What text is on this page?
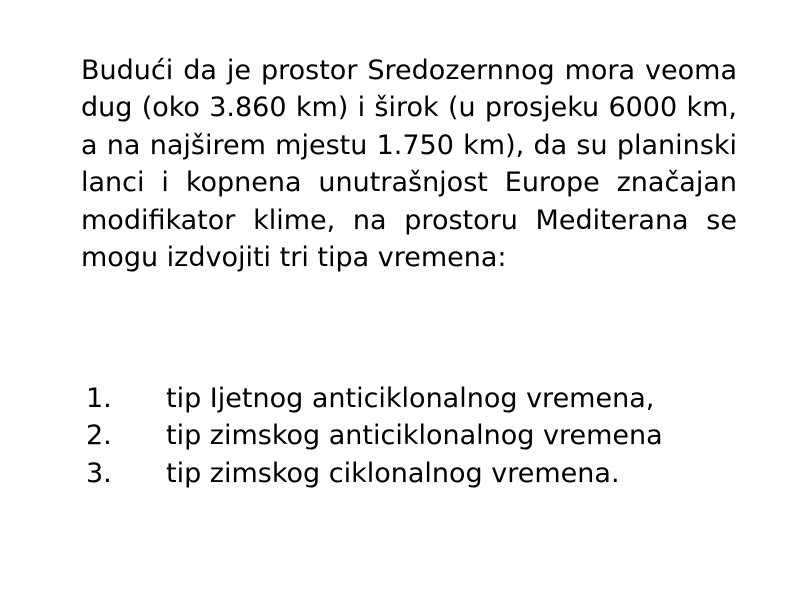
Budući da je prostor Sredozernnog mora veoma dug (oko 3.860 km) i širok (u prosjeku 6000 km, a na najširem mjestu 1.750 km), da su planinski lanci i kopnena unutrašnjost Europe značajan modifikator klime, na prostoru Mediterana se mogu izdvojiti tri tipa vremena:

1.	tip Ijetnog anticiklonalnog vremena,
2.	tip zimskog anticiklonalnog vremena
3.	tip zimskog ciklonalnog vremena.
